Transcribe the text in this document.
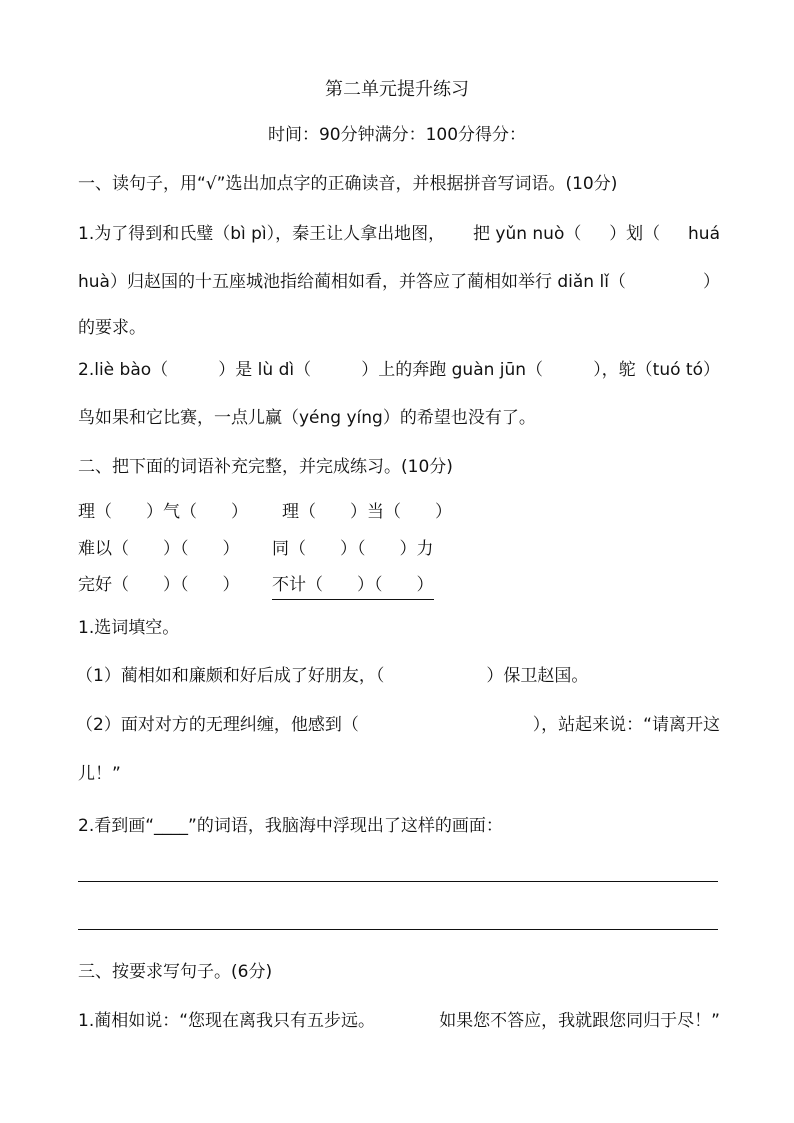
第二单元提升练习
时间：90分钟满分：100分得分：
一、读句子，用“√”选出加点字的正确读音，并根据拼音写词语。(10分)
1.为了得到和氏璧（bì pì），秦王让人拿出地图， 把 yǔn nuò（ ）划（ huá
huà）归赵国的十五座城池指给蔺相如看，并答应了蔺相如举行 diǎn lǐ（	）
的要求。
2.liè bào（	）是 lù dì（	）上的奔跑 guàn jūn（	），鸵（tuó tó）
鸟如果和它比赛，一点儿赢（yéng yíng）的希望也没有了。
二、把下面的词语补充完整，并完成练习。(10分)
理（　　）气（　　） 理（　　）当（　　）
难以（　　）（　　） 同（　　）（　　）力
完好（　　）（　　） 不计（　　）（　　）
1.选词填空。
（1）蔺相如和廉颇和好后成了好朋友，（　　　　　　）保卫赵国。
（2）面对对方的无理纠缠，他感到（	），站起来说：“请离开这
儿！”
2.看到画“____”的词语，我脑海中浮现出了这样的画面：
三、按要求写句子。(6分)
1.蔺相如说：“您现在离我只有五步远。	如果您不答应，我就跟您同归于尽！”
